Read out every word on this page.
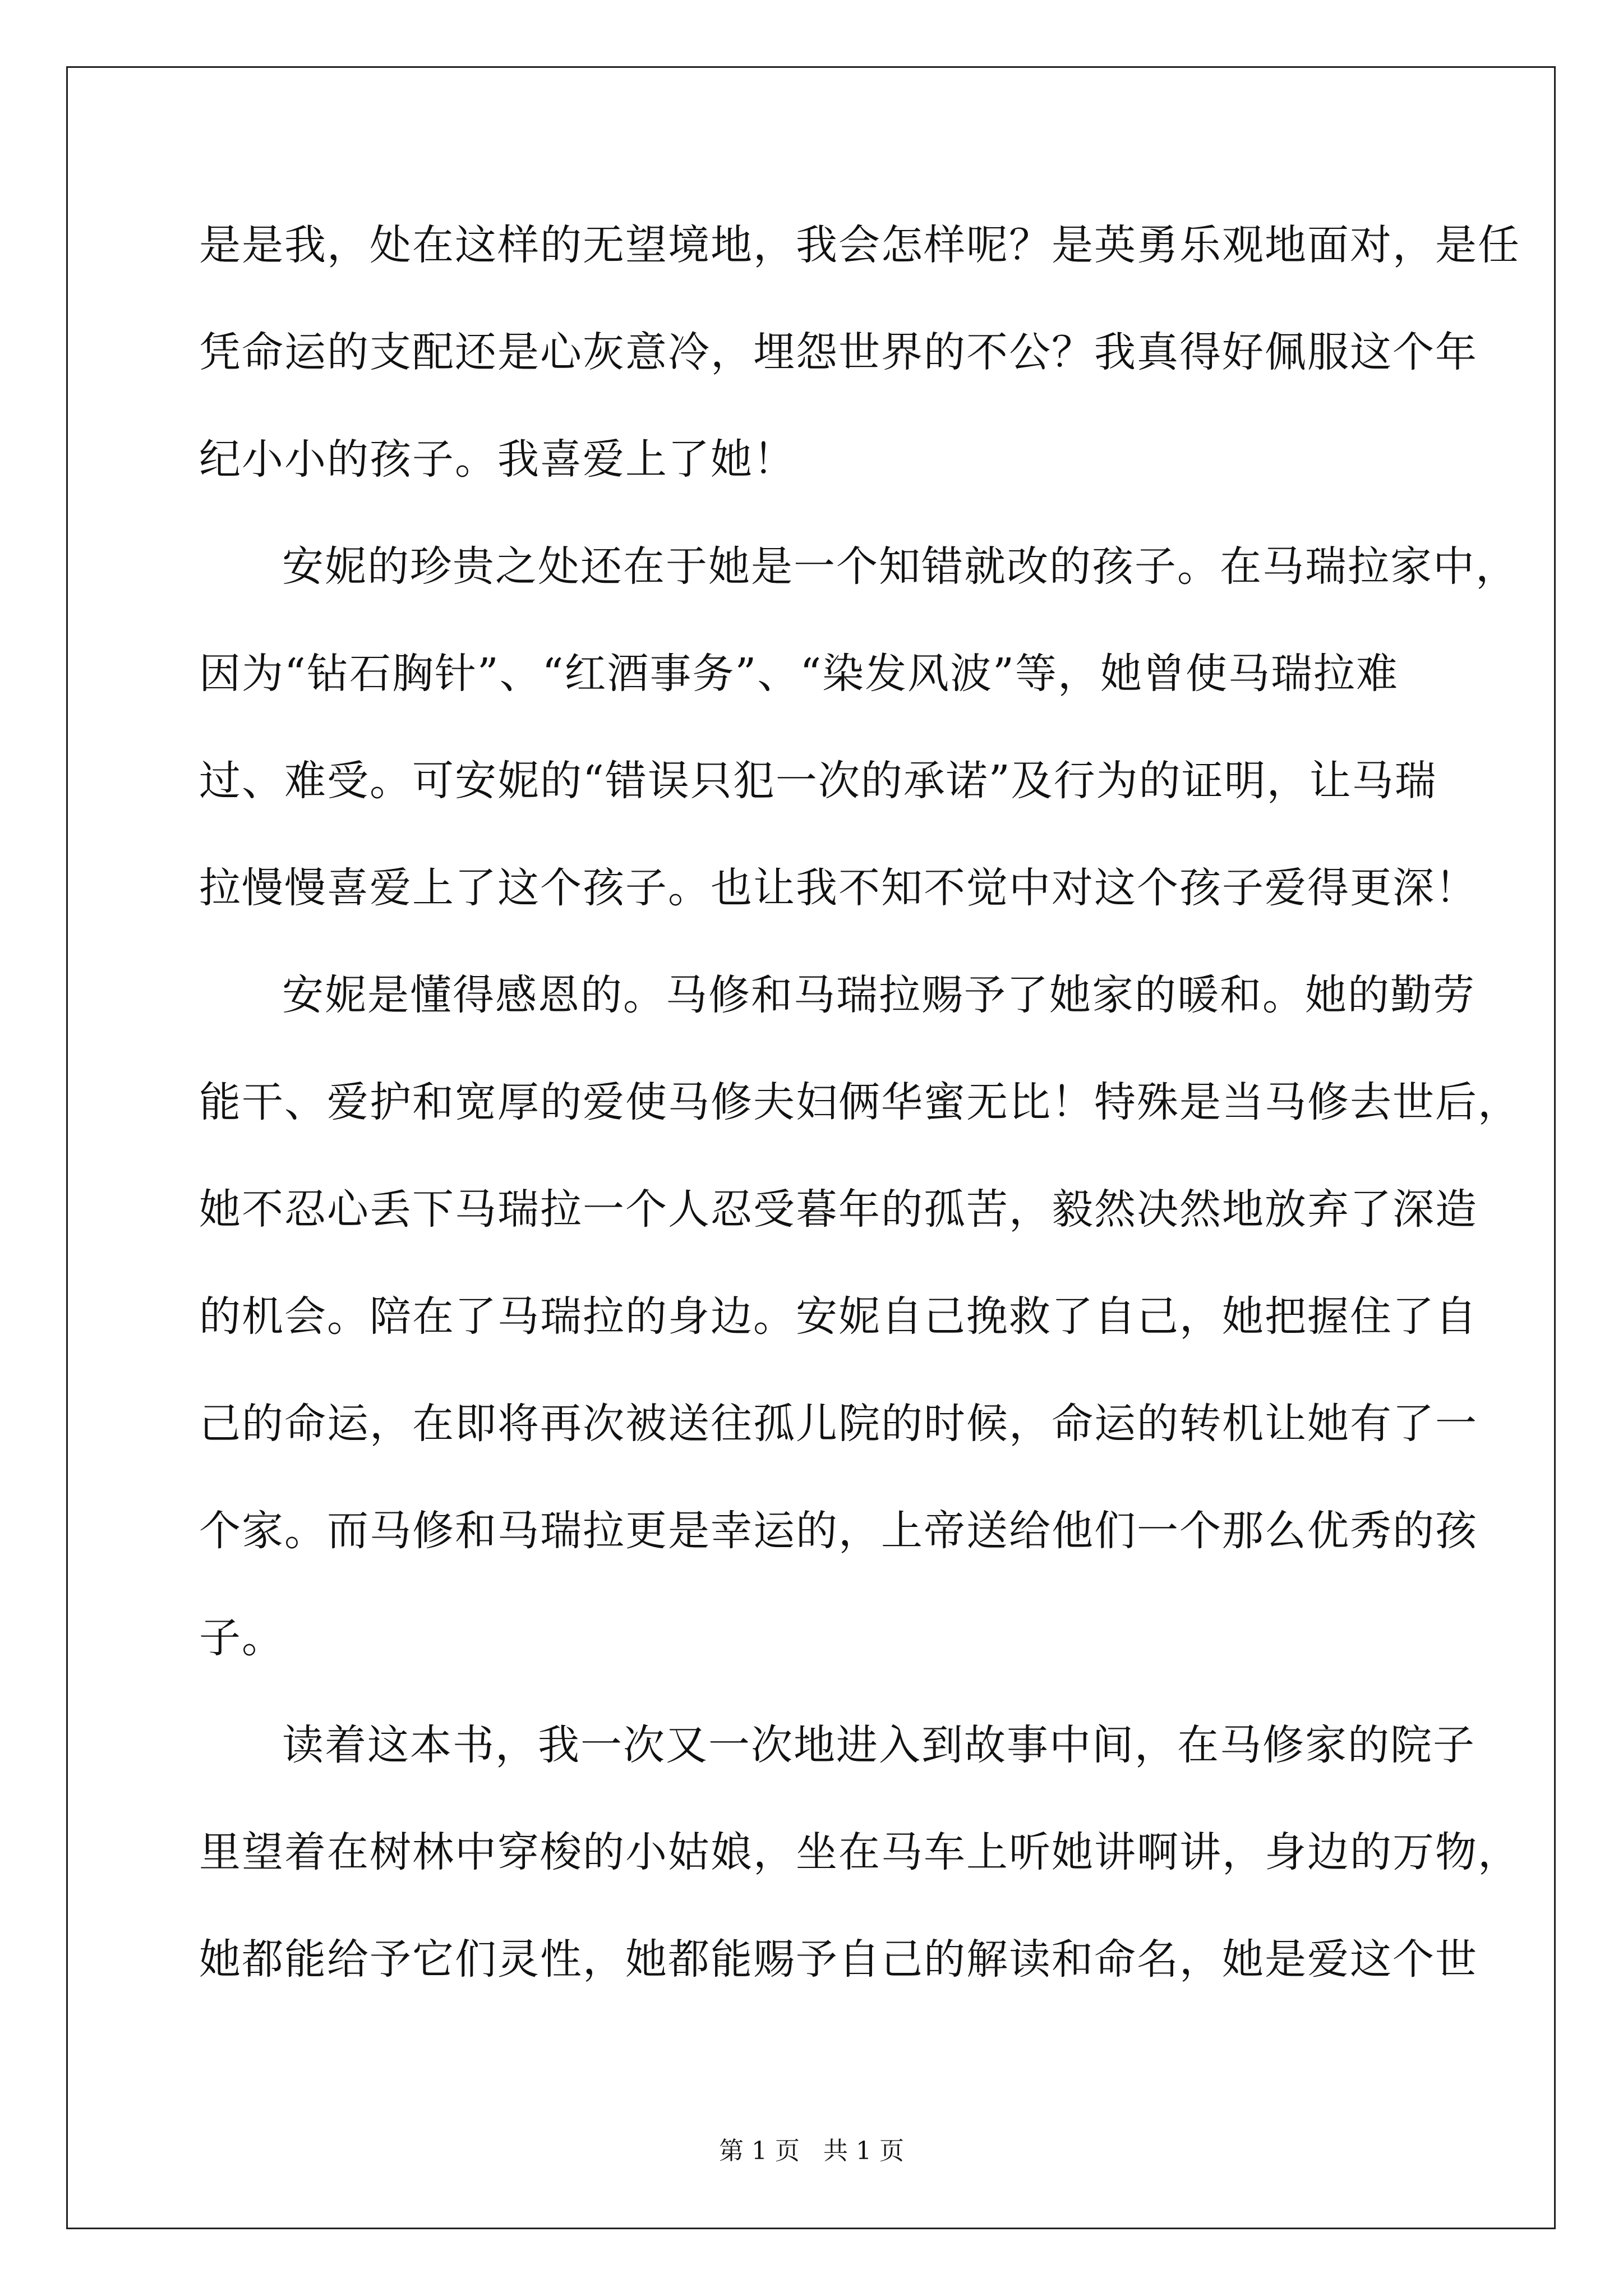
是是我，处在这样的无望境地，我会怎样呢？是英勇乐观地面对，是任
凭命运的支配还是心灰意冷，埋怨世界的不公？我真得好佩服这个年
纪小小的孩子。我喜爱上了她！
安妮的珍贵之处还在于她是一个知错就改的孩子。在马瑞拉家中，
因为“钻石胸针”、“红酒事务”、“染发风波”等，她曾使马瑞拉难
过、难受。可安妮的“错误只犯一次的承诺”及行为的证明，让马瑞
拉慢慢喜爱上了这个孩子。也让我不知不觉中对这个孩子爱得更深！
安妮是懂得感恩的。马修和马瑞拉赐予了她家的暖和。她的勤劳
能干、爱护和宽厚的爱使马修夫妇俩华蜜无比！特殊是当马修去世后，
她不忍心丢下马瑞拉一个人忍受暮年的孤苦，毅然决然地放弃了深造
的机会。陪在了马瑞拉的身边。安妮自己挽救了自己，她把握住了自
己的命运，在即将再次被送往孤儿院的时候，命运的转机让她有了一
个家。而马修和马瑞拉更是幸运的，上帝送给他们一个那么优秀的孩
子。
读着这本书，我一次又一次地进入到故事中间，在马修家的院子
里望着在树林中穿梭的小姑娘，坐在马车上听她讲啊讲，身边的万物，
她都能给予它们灵性，她都能赐予自己的解读和命名，她是爱这个世
第 1 页   共 1 页
